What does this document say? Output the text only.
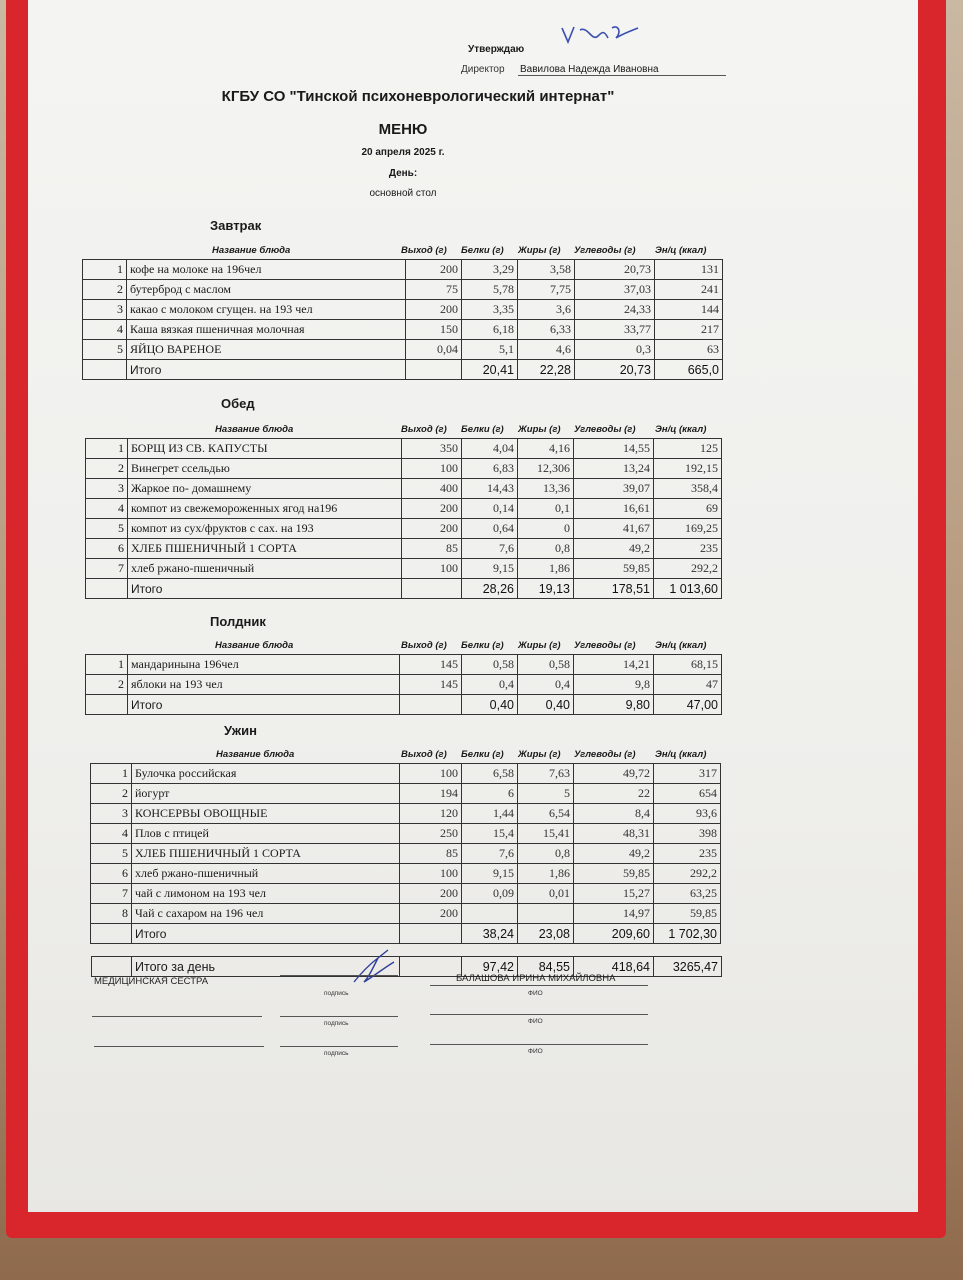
Утверждаю
Директор Вавилова Надежда Ивановна
КГБУ СО "Тинской психоневрологический интернат"
МЕНЮ
20 апреля 2025 г.
День:
основной стол
Завтрак
Название блюда	Выход (г) Белки (г) Жиры (г) Углеводы (г) Эн/ц (ккал)
1	кофе на молоке на 196чел	200	3,29	3,58	20,73	131
2	бутерброд с маслом	75	5,78	7,75	37,03	241
3	какао с молоком сгущен. на 193 чел	200	3,35	3,6	24,33	144
4	Каша вязкая пшеничная молочная	150	6,18	6,33	33,77	217
5	ЯЙЦО ВАРЕНОЕ	0,04	5,1	4,6	0,3	63
	Итого		20,41	22,28	20,73	665,0
Обед
Название блюда	Выход (г) Белки (г) Жиры (г) Углеводы (г) Эн/ц (ккал)
1	БОРЩ ИЗ СВ. КАПУСТЫ	350	4,04	4,16	14,55	125
2	Винегрет ссельдью	100	6,83	12,306	13,24	192,15
3	Жаркое по- домашнему	400	14,43	13,36	39,07	358,4
4	компот из свежемороженных ягод на196	200	0,14	0,1	16,61	69
5	компот из сух/фруктов с сах. на 193	200	0,64	0	41,67	169,25
6	ХЛЕБ ПШЕНИЧНЫЙ 1 СОРТА	85	7,6	0,8	49,2	235
7	хлеб ржано-пшеничный	100	9,15	1,86	59,85	292,2
	Итого		28,26	19,13	178,51	1 013,60
Полдник
Название блюда	Выход (г) Белки (г) Жиры (г) Углеводы (г) Эн/ц (ккал)
1	мандаринына 196чел	145	0,58	0,58	14,21	68,15
2	яблоки на 193 чел	145	0,4	0,4	9,8	47
	Итого		0,40	0,40	9,80	47,00
Ужин
Название блюда	Выход (г) Белки (г) Жиры (г) Углеводы (г) Эн/ц (ккал)
1	Булочка российская	100	6,58	7,63	49,72	317
2	йогурт	194	6	5	22	654
3	КОНСЕРВЫ ОВОЩНЫЕ	120	1,44	6,54	8,4	93,6
4	Плов с птицей	250	15,4	15,41	48,31	398
5	ХЛЕБ ПШЕНИЧНЫЙ 1 СОРТА	85	7,6	0,8	49,2	235
6	хлеб ржано-пшеничный	100	9,15	1,86	59,85	292,2
7	чай с лимоном на 193 чел	200	0,09	0,01	15,27	63,25
8	Чай с сахаром на 196 чел	200			14,97	59,85
	Итого		38,24	23,08	209,60	1 702,30
	Итого за день		97,42	84,55	418,64	3265,47
МЕДИЦИНСКАЯ СЕСТРА
подпись
БАЛАШОВА ИРИНА МИХАЙЛОВНА
ФИО
подпись	ФИО
подпись	ФИО
